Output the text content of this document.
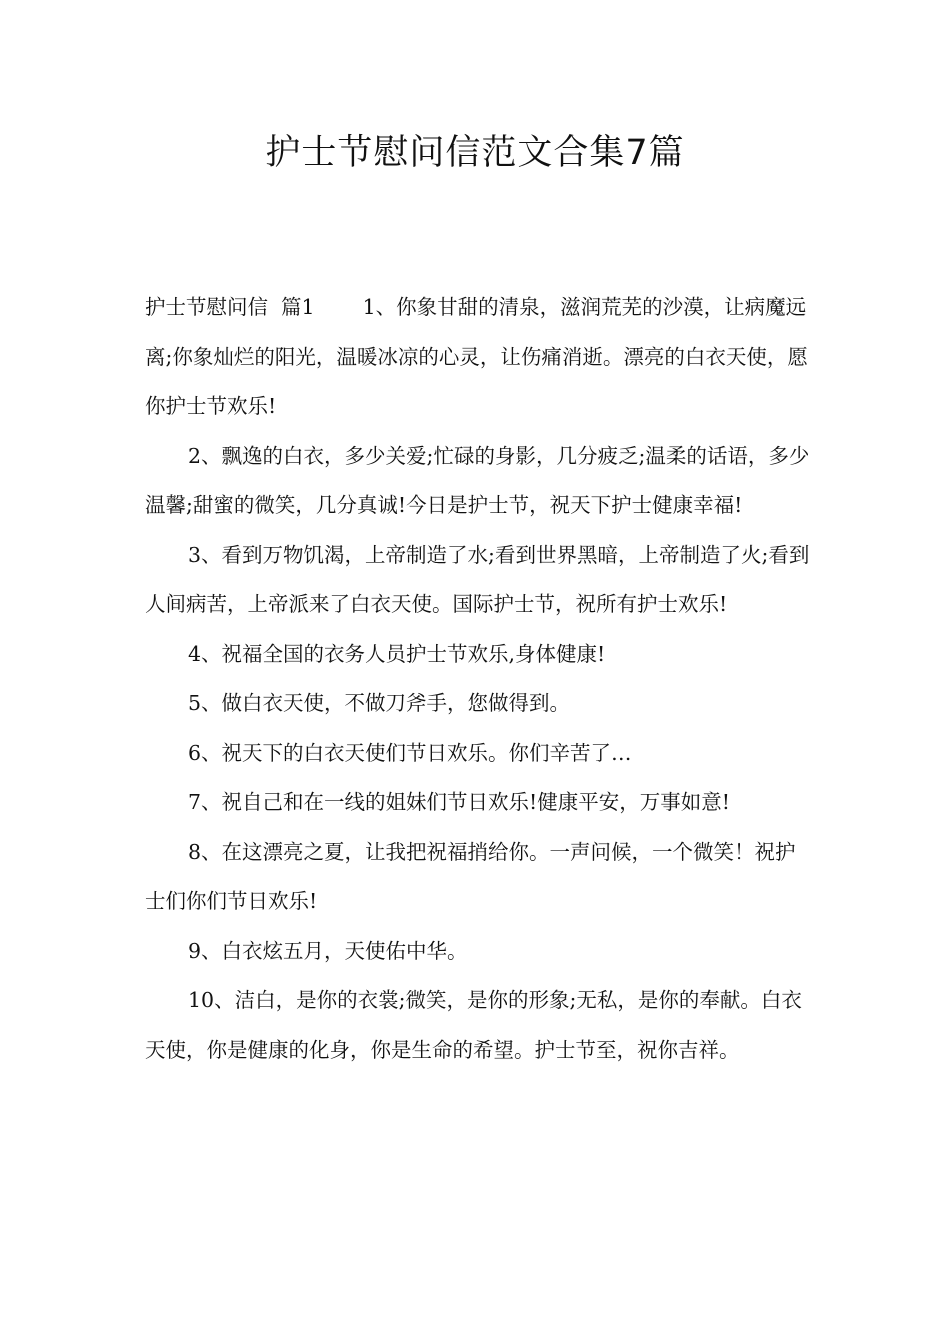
护士节慰问信范文合集7篇

护士节慰问信  篇1 1、你象甘甜的清泉，滋润荒芜的沙漠，让病魔远离;你象灿烂的阳光，温暖冰凉的心灵，让伤痛消逝。漂亮的白衣天使，愿你护士节欢乐!

2、飘逸的白衣，多少关爱;忙碌的身影，几分疲乏;温柔的话语，多少温馨;甜蜜的微笑，几分真诚!今日是护士节，祝天下护士健康幸福!

3、看到万物饥渴，上帝制造了水;看到世界黑暗，上帝制造了火;看到人间病苦，上帝派来了白衣天使。国际护士节，祝所有护士欢乐!

4、祝福全国的衣务人员护士节欢乐,身体健康!

5、做白衣天使，不做刀斧手，您做得到。

6、祝天下的白衣天使们节日欢乐。你们辛苦了…

7、祝自己和在一线的姐妹们节日欢乐!健康平安，万事如意!

8、在这漂亮之夏，让我把祝福捎给你。一声问候，一个微笑！祝护士们你们节日欢乐!

9、白衣炫五月，天使佑中华。

10、洁白，是你的衣裳;微笑，是你的形象;无私，是你的奉献。白衣天使，你是健康的化身，你是生命的希望。护士节至，祝你吉祥。
